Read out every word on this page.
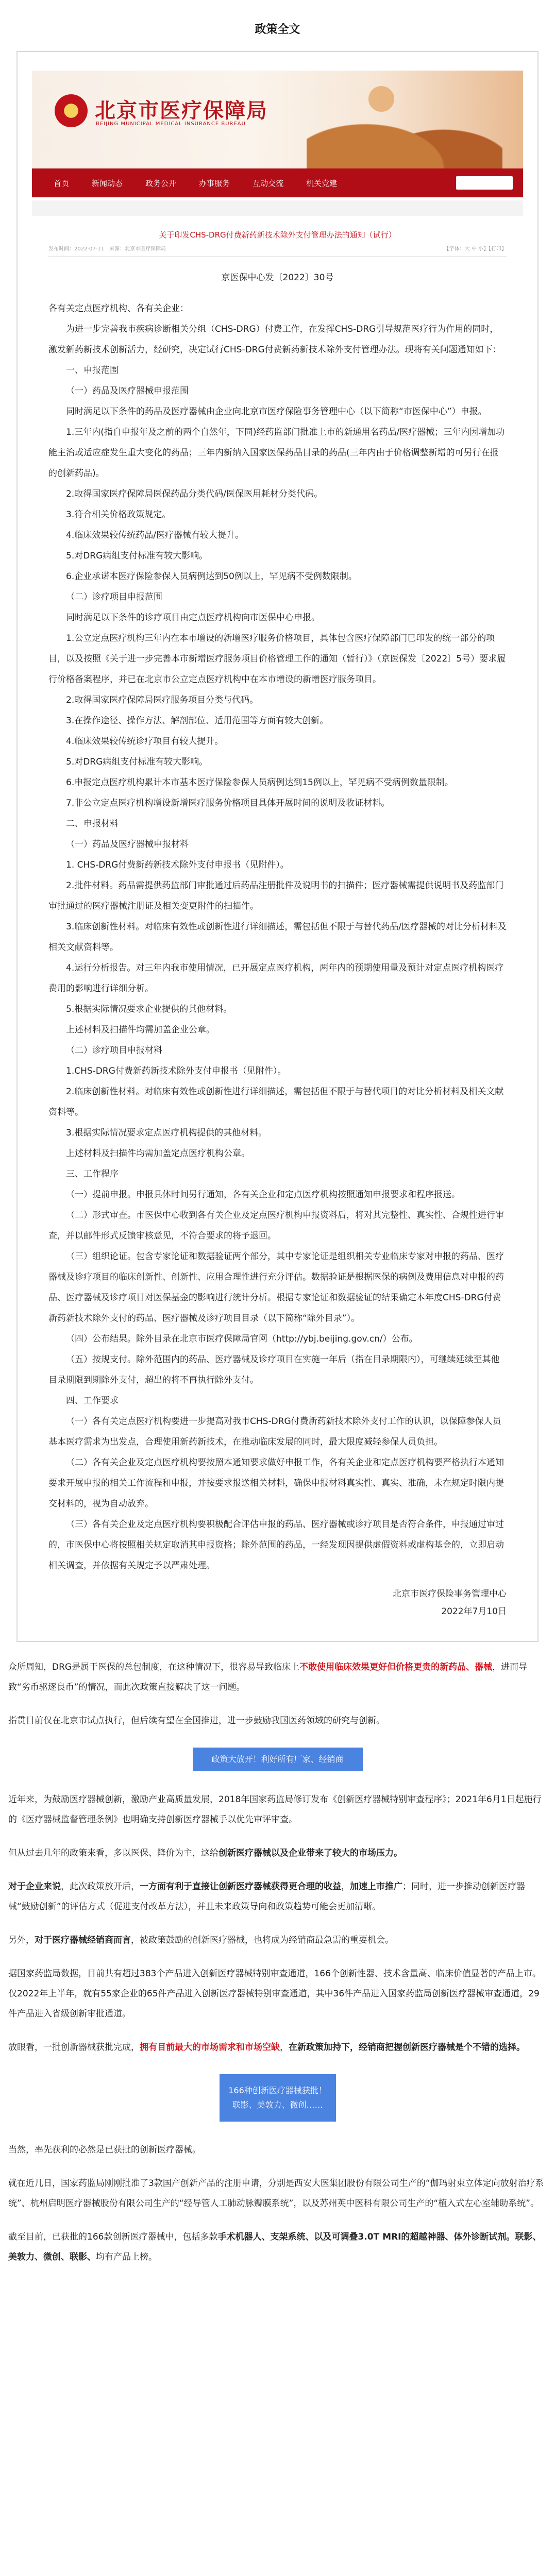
政策全文
北京市医疗保障局
BEIJING MUNICIPAL MEDICAL INSURANCE BUREAU
首页	新闻动态	政务公开	办事服务	互动交流	机关党建
关于印发CHS-DRG付费新药新技术除外支付管理办法的通知（试行）
发布时间：2022-07-11　来源：北京市医疗保障局	【字体：大 中 小】【打印】
京医保中心发〔2022〕30号

各有关定点医疗机构、各有关企业：

为进一步完善我市疾病诊断相关分组（CHS-DRG）付费工作，在发挥CHS-DRG引导规范医疗行为作用的同时，激发新药新技术创新活力，经研究，决定试行CHS-DRG付费新药新技术除外支付管理办法。现将有关问题通知如下：

一、申报范围

（一）药品及医疗器械申报范围

同时满足以下条件的药品及医疗器械由企业向北京市医疗保险事务管理中心（以下简称“市医保中心”）申报。

1.三年内(指自申报年及之前的两个自然年，下同)经药监部门批准上市的新通用名药品/医疗器械；三年内因增加功能主治或适应症发生重大变化的药品；三年内新纳入国家医保药品目录的药品(三年内由于价格调整新增的可另行在报的创新药品)。

2.取得国家医疗保障局医保药品分类代码/医保医用耗材分类代码。

3.符合相关价格政策规定。

4.临床效果较传统药品/医疗器械有较大提升。

5.对DRG病组支付标准有较大影响。

6.企业承诺本医疗保险参保人员病例达到50例以上，罕见病不受例数限制。

（二）诊疗项目申报范围

同时满足以下条件的诊疗项目由定点医疗机构向市医保中心申报。

1.公立定点医疗机构三年内在本市增设的新增医疗服务价格项目，具体包含医疗保障部门已印发的统一部分的项目，以及按照《关于进一步完善本市新增医疗服务项目价格管理工作的通知（暂行）》（京医保发〔2022〕5号）要求履行价格备案程序，并已在北京市公立定点医疗机构中在本市增设的新增医疗服务项目。

2.取得国家医疗保障局医疗服务项目分类与代码。

3.在操作途径、操作方法、解剖部位、适用范围等方面有较大创新。

4.临床效果较传统诊疗项目有较大提升。

5.对DRG病组支付标准有较大影响。

6.申报定点医疗机构累计本市基本医疗保险参保人员病例达到15例以上，罕见病不受病例数量限制。

7.非公立定点医疗机构增设新增医疗服务价格项目具体开展时间的说明及收证材料。

二、申报材料

（一）药品及医疗器械申报材料

1. CHS-DRG付费新药新技术除外支付申报书（见附件）。

2.批件材料。药品需提供药监部门审批通过后药品注册批件及说明书的扫描件；医疗器械需提供说明书及药监部门审批通过的医疗器械注册证及相关变更附件的扫描件。

3.临床创新性材料。对临床有效性或创新性进行详细描述，需包括但不限于与替代药品/医疗器械的对比分析材料及相关文献资料等。

4.运行分析报告。对三年内我市使用情况，已开展定点医疗机构，两年内的预期使用量及预计对定点医疗机构医疗费用的影响进行详细分析。

5.根据实际情况要求企业提供的其他材料。

上述材料及扫描件均需加盖企业公章。

（二）诊疗项目申报材料

1.CHS-DRG付费新药新技术除外支付申报书（见附件）。

2.临床创新性材料。对临床有效性或创新性进行详细描述，需包括但不限于与替代项目的对比分析材料及相关文献资料等。

3.根据实际情况要求定点医疗机构提供的其他材料。

上述材料及扫描件均需加盖定点医疗机构公章。

三、工作程序

（一）提前申报。申报具体时间另行通知，各有关企业和定点医疗机构按照通知申报要求和程序报送。

（二）形式审查。市医保中心收到各有关企业及定点医疗机构申报资料后，将对其完整性、真实性、合规性进行审查，并以邮件形式反馈审核意见，不符合要求的将予退回。

（三）组织论证。包含专家论证和数据验证两个部分，其中专家论证是组织相关专业临床专家对申报的药品、医疗器械及诊疗项目的临床创新性、创新性、应用合理性进行充分评估。数据验证是根据医保的病例及费用信息对申报的药品、医疗器械及诊疗项目对医保基金的影响进行统计分析。根据专家论证和数据验证的结果确定本年度CHS-DRG付费新药新技术除外支付的药品、医疗器械及诊疗项目目录（以下简称“除外目录”）。

（四）公布结果。除外目录在北京市医疗保障局官网（http://ybj.beijing.gov.cn/）公布。

（五）按规支付。除外范围内的药品、医疗器械及诊疗项目在实施一年后（指在目录期限内），可继续延续至其他目录期限到期除外支付，超出的将不再执行除外支付。

四、工作要求

（一）各有关定点医疗机构要进一步提高对我市CHS-DRG付费新药新技术除外支付工作的认识，以保障参保人员基本医疗需求为出发点，合理使用新药新技术，在推动临床发展的同时，最大限度减轻参保人员负担。

（二）各有关企业及定点医疗机构要按照本通知要求做好申报工作，各有关企业和定点医疗机构要严格执行本通知要求开展申报的相关工作流程和申报，并按要求报送相关材料，确保申报材料真实性、真实、准确，未在规定时限内提交材料的，视为自动放弃。

（三）各有关企业及定点医疗机构要积极配合评估申报的药品、医疗器械或诊疗项目是否符合条件，申报通过审过的，市医保中心将按照相关规定取消其申报资格；除外范围的药品，一经发现因提供虚假资料或虚构基金的，立即启动相关调查，并依据有关规定予以严肃处理。

北京市医疗保险事务管理中心
2022年7月10日

众所周知，DRG是属于医保的总包制度，在这种情况下，很容易导致临床上不敢使用临床效果更好但价格更贵的新药品、器械，进而导致“劣币驱逐良币”的情况，而此次政策直接解决了这一问题。

指贯目前仅在北京市试点执行，但后续有望在全国推进，进一步鼓励我国医药领域的研究与创新。

政策大放开！利好所有厂家、经销商

近年来，为鼓励医疗器械创新，激励产业高质量发展，2018年国家药监局修订发布《创新医疗器械特别审查程序》；2021年6月1日起施行的《医疗器械监督管理条例》也明确支持创新医疗器械手以优先审评审查。

但从过去几年的政策来看，多以医保、降价为主，这给创新医疗器械以及企业带来了较大的市场压力。

对于企业来说，此次政策放开后，一方面有利于直接让创新医疗器械获得更合理的收益，加速上市推广；同时，进一步推动创新医疗器械“鼓励创新”的评估方式（促进支付改革方法），并且未来政策导向和政策趋势可能会更加清晰。

另外，对于医疗器械经销商而言，被政策鼓励的创新医疗器械，也将成为经销商最急需的重要机会。

据国家药监局数据，目前共有超过383个产品进入创新医疗器械特别审查通道，166个创新性器、技术含量高、临床价值显著的产品上市。仅2022年上半年，就有55家企业的65件产品进入创新医疗器械特别审查通道，其中36件产品进入国家药监局创新医疗器械审查通道，29件产品进入省级创新审批通道。

放眼看，一批创新器械获批完成，拥有目前最大的市场需求和市场空缺，在新政策加持下，经销商把握创新医疗器械是个不错的选择。

166种创新医疗器械获批！
联影、美敦力、微创……

当然，率先获利的必然是已获批的创新医疗器械。

就在近几日，国家药监局刚刚批准了3款国产创新产品的注册申请，分别是西安大医集团股份有限公司生产的“伽玛射束立体定向放射治疗系统”、杭州启明医疗器械股份有限公司生产的“经导管人工肺动脉瓣膜系统”，以及苏州英中医科有限公司生产的“植入式左心室辅助系统”。

截至目前，已获批的166款创新医疗器械中，包括多款手术机器人、支架系统、以及可调叠3.0T MRI的超越神器、体外诊断试剂。联影、美敦力、微创、联影、均有产品上榜。
